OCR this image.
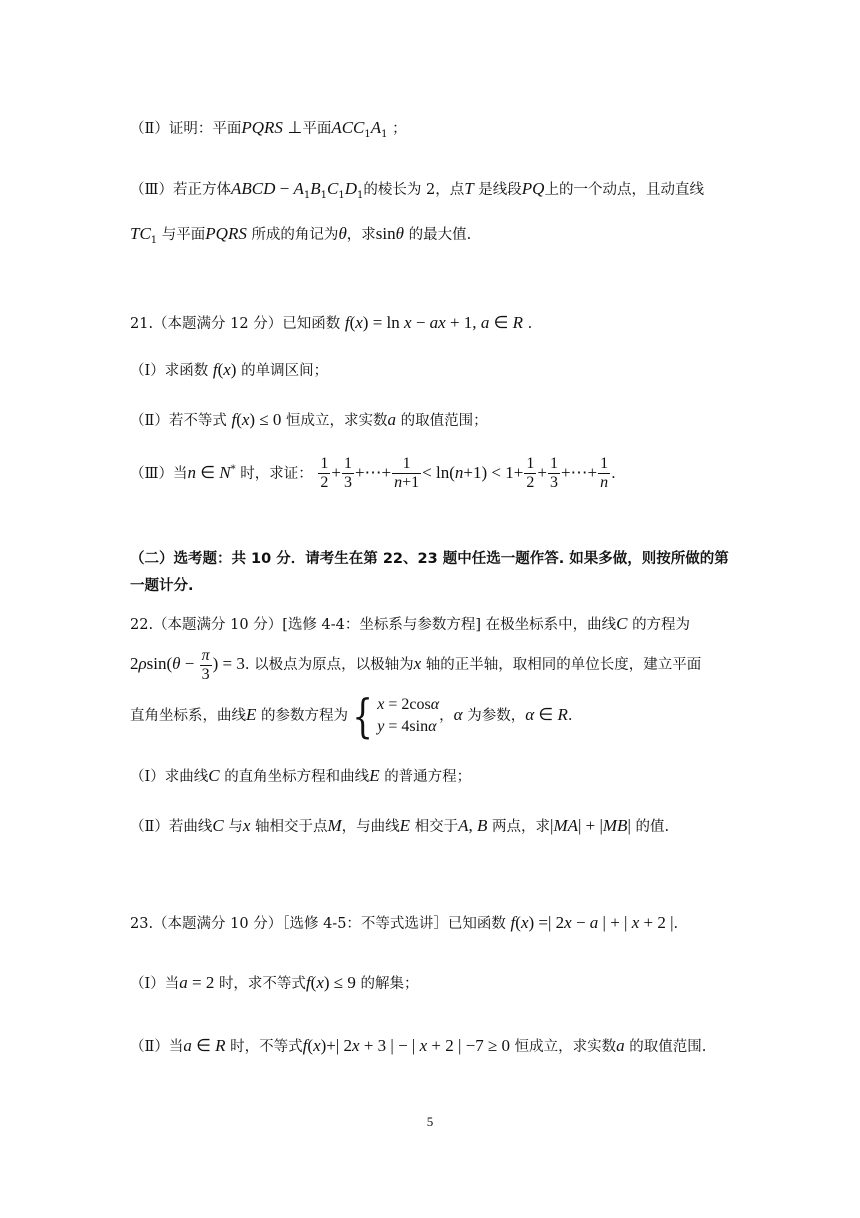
（Ⅱ）证明：平面PQRS ⊥平面$ACC_1A_1$ ；
（Ⅲ）若正方体ABCD − $A_1B_1C_1D_1$的棱长为 2，点T 是线段PQ上的一个动点，且动直线
$TC_1$ 与平面PQRS 所成的角记为θ，求sinθ 的最大值.
21.（本题满分 12 分）已知函数 f(x) = ln x − ax + 1, a ∈ R .
（Ⅰ）求函数 f(x) 的单调区间；
（Ⅱ）若不等式 f(x) ≤ 0 恒成立，求实数a 的取值范围；
（Ⅲ）当n ∈ N* 时，求证： $\frac{1}{2} + \frac{1}{3}$ +⋯+ $\frac{1}{n+1} < \ln(n+1) < 1+ \frac{1}{2} + \frac{1}{3}$ +⋯+ $\frac{1}{n}$ .
（二）选考题：共 10 分．请考生在第 22、23 题中任选一题作答. 如果多做，则按所做的第
一题计分.
22.（本题满分 10 分）[选修 4-4：坐标系与参数方程] 在极坐标系中，曲线C 的方程为
$2\rho\sin(\theta - \frac{\pi}{3}$ ) = 3. 以极点为原点，以极轴为x 轴的正半轴，取相同的单位长度，建立平面
直角坐标系，曲线E 的参数方程为{ x = 2cosα
y = 4sinα，α 为参数，α ∈ R.
（Ⅰ）求曲线C 的直角坐标方程和曲线E 的普通方程；
（Ⅱ）若曲线C 与x 轴相交于点M，与曲线E 相交于A, B 两点，求|MA| + |MB| 的值.
23.（本题满分 10 分）［选修 4-5：不等式选讲］已知函数 f(x) =| 2x − a | + | x + 2 |.
（Ⅰ）当a = 2 时，求不等式f(x) ≤ 9 的解集；
（Ⅱ）当a ∈ R 时，不等式f(x)+| 2x + 3 | − | x + 2 | −7 ≥ 0 恒成立，求实数a 的取值范围.
5
